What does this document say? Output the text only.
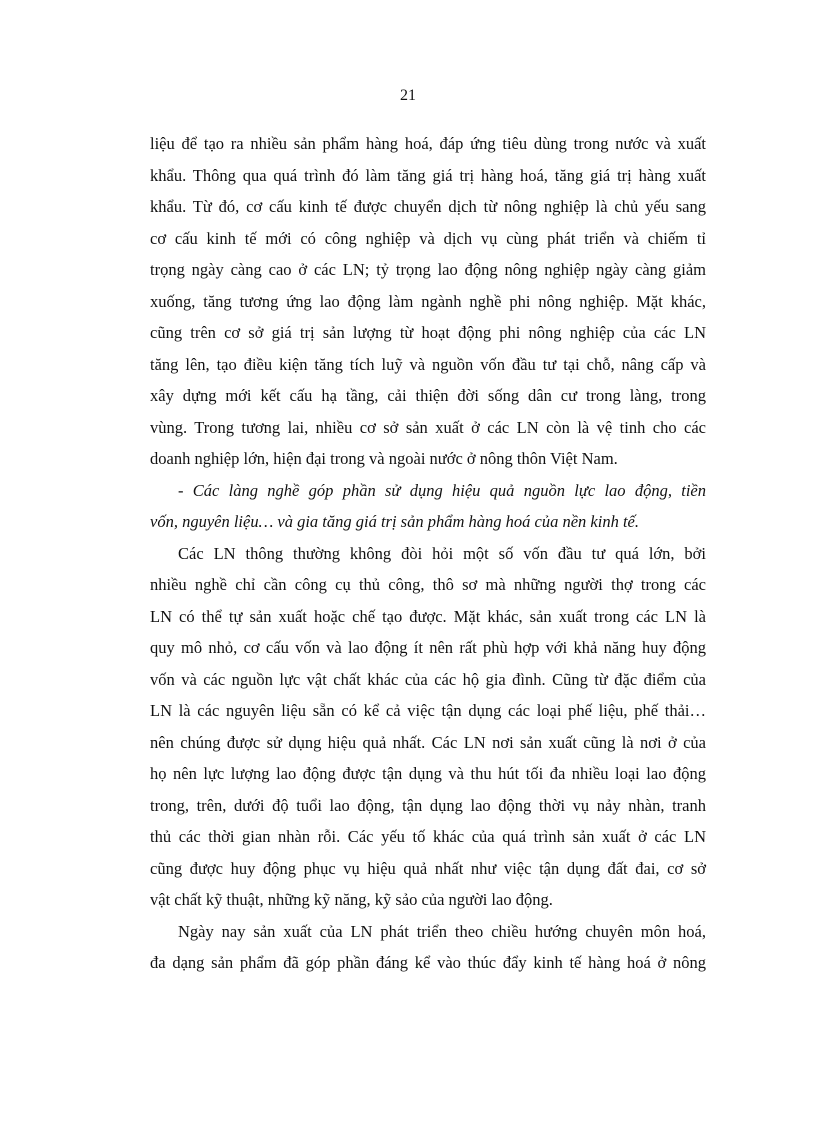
21
liệu để tạo ra nhiều sản phẩm hàng hoá, đáp ứng tiêu dùng trong nước và xuất
khẩu. Thông qua quá trình đó làm tăng giá trị hàng hoá, tăng giá trị hàng xuất
khẩu. Từ đó, cơ cấu kinh tế được chuyển dịch từ nông nghiệp là chủ yếu sang
cơ cấu kinh tế mới có công nghiệp và dịch vụ cùng phát triển và chiếm tỉ
trọng ngày càng cao ở các LN; tỷ trọng lao động nông nghiệp ngày càng giảm
xuống, tăng tương ứng lao động làm ngành nghề phi nông nghiệp. Mặt khác,
cũng trên cơ sở giá trị sản lượng từ hoạt động phi nông nghiệp của các LN
tăng lên, tạo điều kiện tăng tích luỹ và nguồn vốn đầu tư tại chỗ, nâng cấp và
xây dựng mới kết cấu hạ tầng, cải thiện đời sống dân cư trong làng, trong
vùng. Trong tương lai, nhiều cơ sở sản xuất ở các LN còn là vệ tinh cho các
doanh nghiệp lớn, hiện đại trong và ngoài nước ở nông thôn Việt Nam.
- Các làng nghề góp phần sử dụng hiệu quả nguồn lực lao động, tiền
vốn, nguyên liệu… và gia tăng giá trị sản phẩm hàng hoá của nền kinh tế.
Các LN thông thường không đòi hỏi một số vốn đầu tư quá lớn, bởi
nhiều nghề chỉ cần công cụ thủ công, thô sơ mà những người thợ trong các
LN có thể tự sản xuất hoặc chế tạo được. Mặt khác, sản xuất trong các LN là
quy mô nhỏ, cơ cấu vốn và lao động ít nên rất phù hợp với khả năng huy động
vốn và các nguồn lực vật chất khác của các hộ gia đình. Cũng từ đặc điểm của
LN là các nguyên liệu sẵn có kể cả việc tận dụng các loại phế liệu, phế thải…
nên chúng được sử dụng hiệu quả nhất. Các LN nơi sản xuất cũng là nơi ở của
họ nên lực lượng lao động được tận dụng và thu hút tối đa nhiều loại lao động
trong, trên, dưới độ tuổi lao động, tận dụng lao động thời vụ nảy nhàn, tranh
thủ các thời gian nhàn rỗi. Các yếu tố khác của quá trình sản xuất ở các LN
cũng được huy động phục vụ hiệu quả nhất như việc tận dụng đất đai, cơ sở
vật chất kỹ thuật, những kỹ năng, kỹ sảo của người lao động.
Ngày nay sản xuất của LN phát triển theo chiều hướng chuyên môn hoá,
đa dạng sản phẩm đã góp phần đáng kể vào thúc đẩy kinh tế hàng hoá ở nông
